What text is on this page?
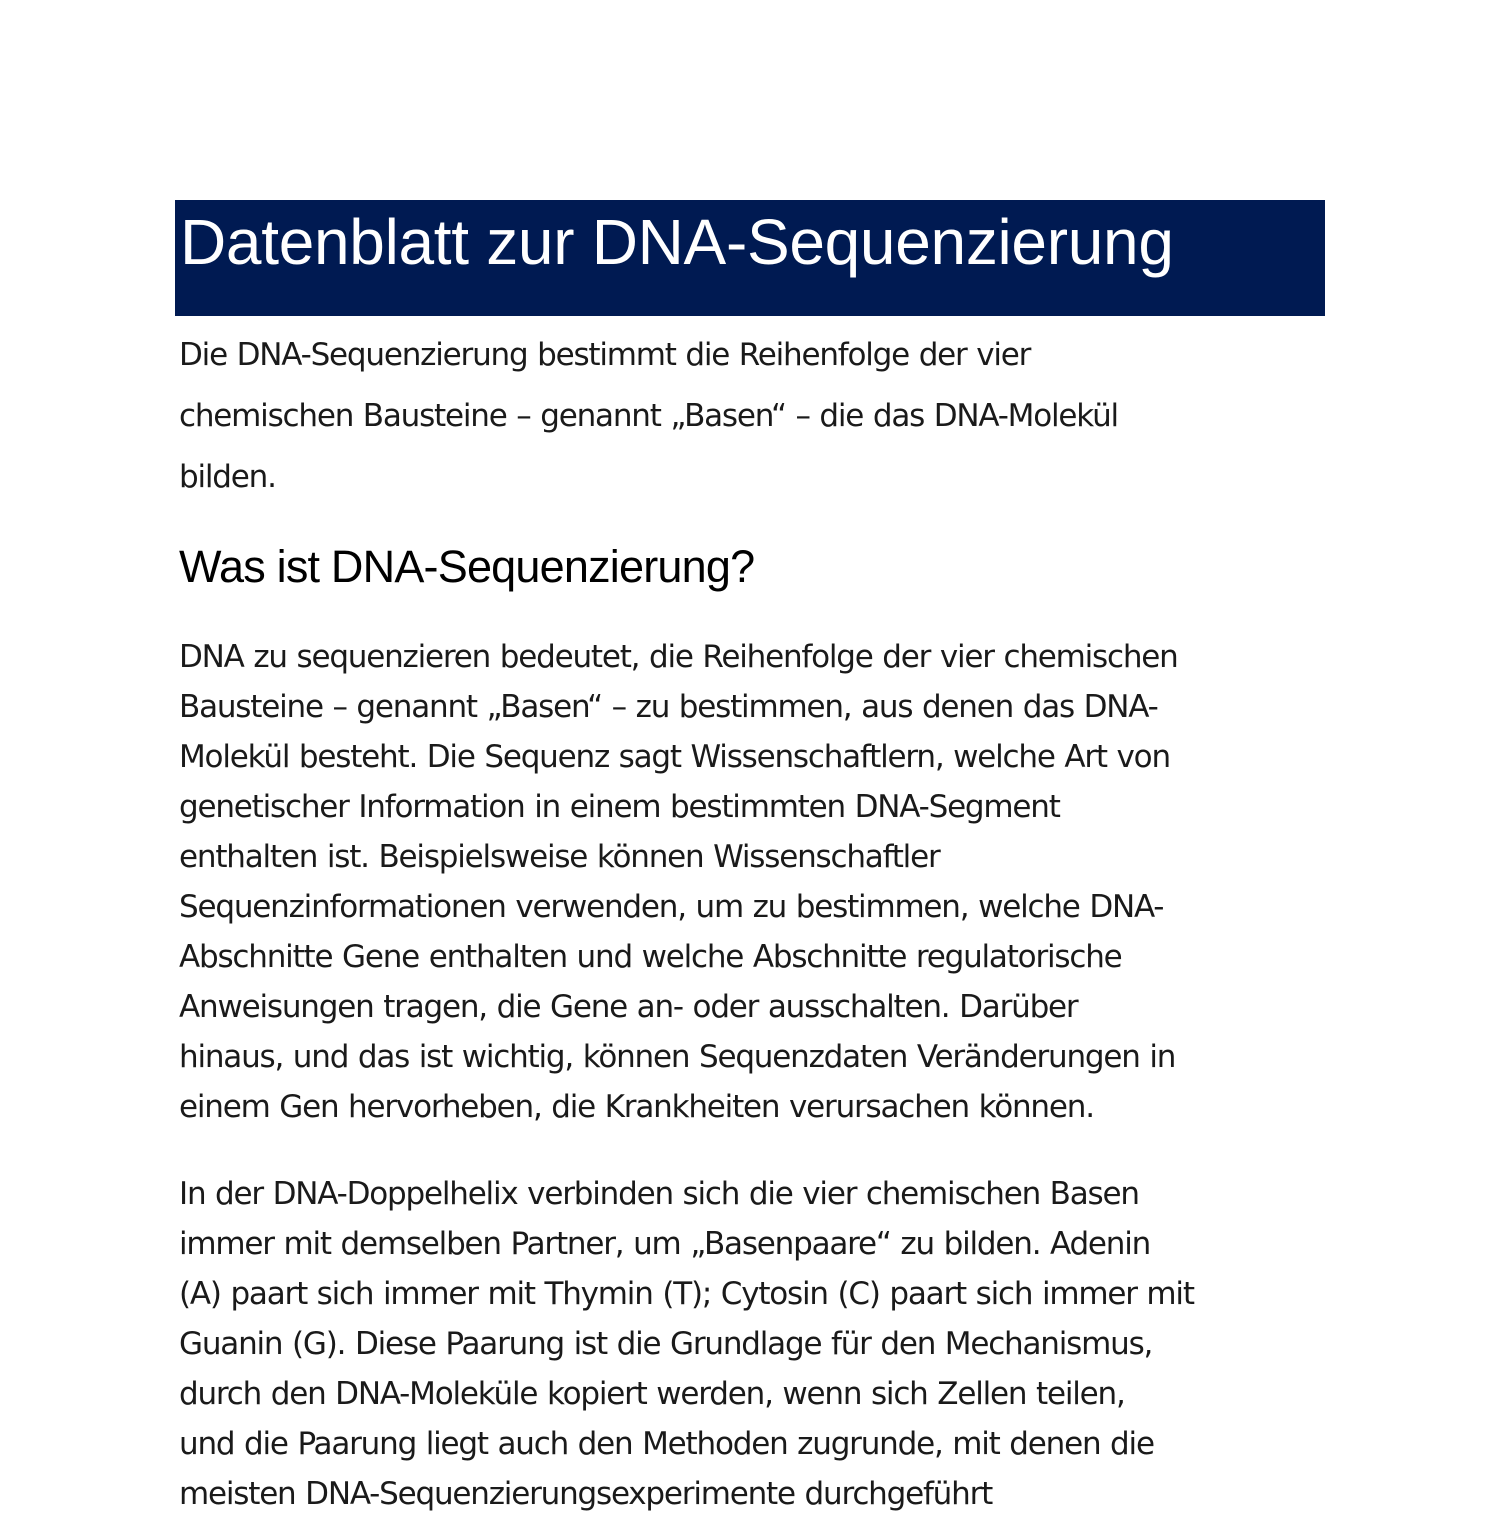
Datenblatt zur DNA-Sequenzierung
Die DNA-Sequenzierung bestimmt die Reihenfolge der vier
chemischen Bausteine – genannt „Basen“ – die das DNA-Molekül
bilden.
Was ist DNA-Sequenzierung?
DNA zu sequenzieren bedeutet, die Reihenfolge der vier chemischen
Bausteine – genannt „Basen“ – zu bestimmen, aus denen das DNA-
Molekül besteht. Die Sequenz sagt Wissenschaftlern, welche Art von
genetischer Information in einem bestimmten DNA-Segment
enthalten ist. Beispielsweise können Wissenschaftler
Sequenzinformationen verwenden, um zu bestimmen, welche DNA-
Abschnitte Gene enthalten und welche Abschnitte regulatorische
Anweisungen tragen, die Gene an- oder ausschalten. Darüber
hinaus, und das ist wichtig, können Sequenzdaten Veränderungen in
einem Gen hervorheben, die Krankheiten verursachen können.
In der DNA-Doppelhelix verbinden sich die vier chemischen Basen
immer mit demselben Partner, um „Basenpaare“ zu bilden. Adenin
(A) paart sich immer mit Thymin (T); Cytosin (C) paart sich immer mit
Guanin (G). Diese Paarung ist die Grundlage für den Mechanismus,
durch den DNA-Moleküle kopiert werden, wenn sich Zellen teilen,
und die Paarung liegt auch den Methoden zugrunde, mit denen die
meisten DNA-Sequenzierungsexperimente durchgeführt
